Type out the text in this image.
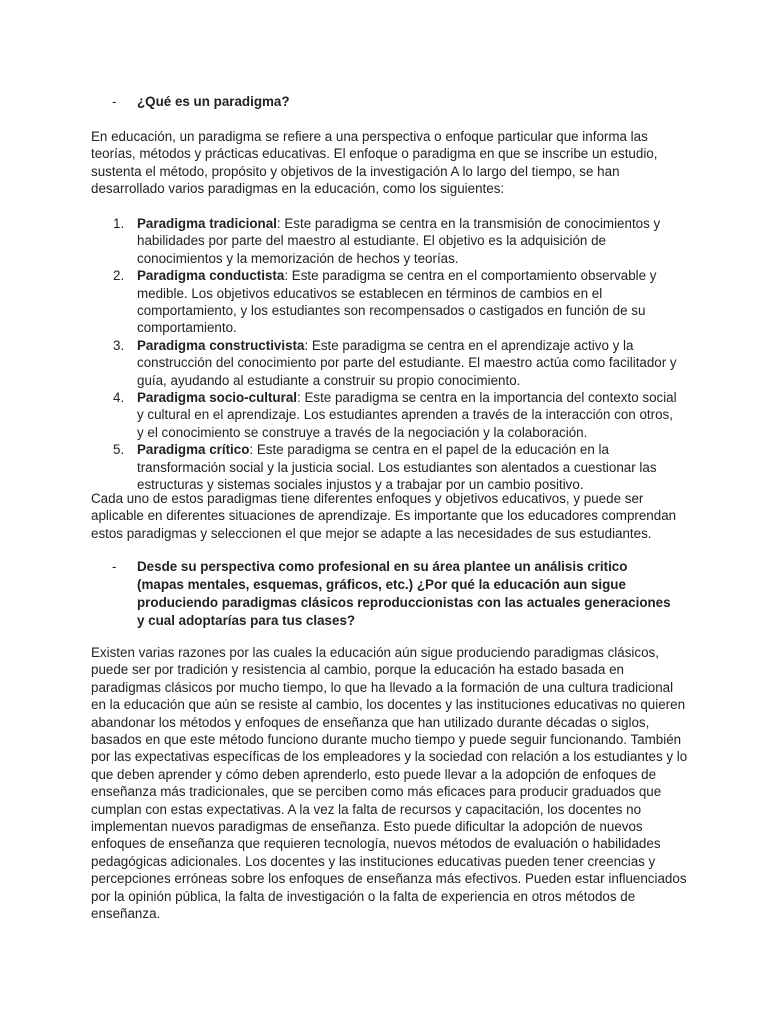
- ¿Qué es un paradigma?

En educación, un paradigma se refiere a una perspectiva o enfoque particular que informa las teorías, métodos y prácticas educativas. El enfoque o paradigma en que se inscribe un estudio, sustenta el método, propósito y objetivos de la investigación A lo largo del tiempo, se han desarrollado varios paradigmas en la educación, como los siguientes:

1. Paradigma tradicional: Este paradigma se centra en la transmisión de conocimientos y habilidades por parte del maestro al estudiante. El objetivo es la adquisición de conocimientos y la memorización de hechos y teorías.
2. Paradigma conductista: Este paradigma se centra en el comportamiento observable y medible. Los objetivos educativos se establecen en términos de cambios en el comportamiento, y los estudiantes son recompensados o castigados en función de su comportamiento.
3. Paradigma constructivista: Este paradigma se centra en el aprendizaje activo y la construcción del conocimiento por parte del estudiante. El maestro actúa como facilitador y guía, ayudando al estudiante a construir su propio conocimiento.
4. Paradigma socio-cultural: Este paradigma se centra en la importancia del contexto social y cultural en el aprendizaje. Los estudiantes aprenden a través de la interacción con otros, y el conocimiento se construye a través de la negociación y la colaboración.
5. Paradigma crítico: Este paradigma se centra en el papel de la educación en la transformación social y la justicia social. Los estudiantes son alentados a cuestionar las estructuras y sistemas sociales injustos y a trabajar por un cambio positivo.

Cada uno de estos paradigmas tiene diferentes enfoques y objetivos educativos, y puede ser aplicable en diferentes situaciones de aprendizaje. Es importante que los educadores comprendan estos paradigmas y seleccionen el que mejor se adapte a las necesidades de sus estudiantes.

- Desde su perspectiva como profesional en su área plantee un análisis critico (mapas mentales, esquemas, gráficos, etc.) ¿Por qué la educación aun sigue produciendo paradigmas clásicos reproduccionistas con las actuales generaciones y cual adoptarías para tus clases?

Existen varias razones por las cuales la educación aún sigue produciendo paradigmas clásicos, puede ser por tradición y resistencia al cambio, porque la educación ha estado basada en paradigmas clásicos por mucho tiempo, lo que ha llevado a la formación de una cultura tradicional en la educación que aún se resiste al cambio, los docentes y las instituciones educativas no quieren abandonar los métodos y enfoques de enseñanza que han utilizado durante décadas o siglos, basados en que este método funciono durante mucho tiempo y puede seguir funcionando. También por las expectativas específicas de los empleadores y la sociedad con relación a los estudiantes y lo que deben aprender y cómo deben aprenderlo, esto puede llevar a la adopción de enfoques de enseñanza más tradicionales, que se perciben como más eficaces para producir graduados que cumplan con estas expectativas. A la vez la falta de recursos y capacitación, los docentes no implementan nuevos paradigmas de enseñanza. Esto puede dificultar la adopción de nuevos enfoques de enseñanza que requieren tecnología, nuevos métodos de evaluación o habilidades pedagógicas adicionales. Los docentes y las instituciones educativas pueden tener creencias y percepciones erróneas sobre los enfoques de enseñanza más efectivos. Pueden estar influenciados por la opinión pública, la falta de investigación o la falta de experiencia en otros métodos de enseñanza.
